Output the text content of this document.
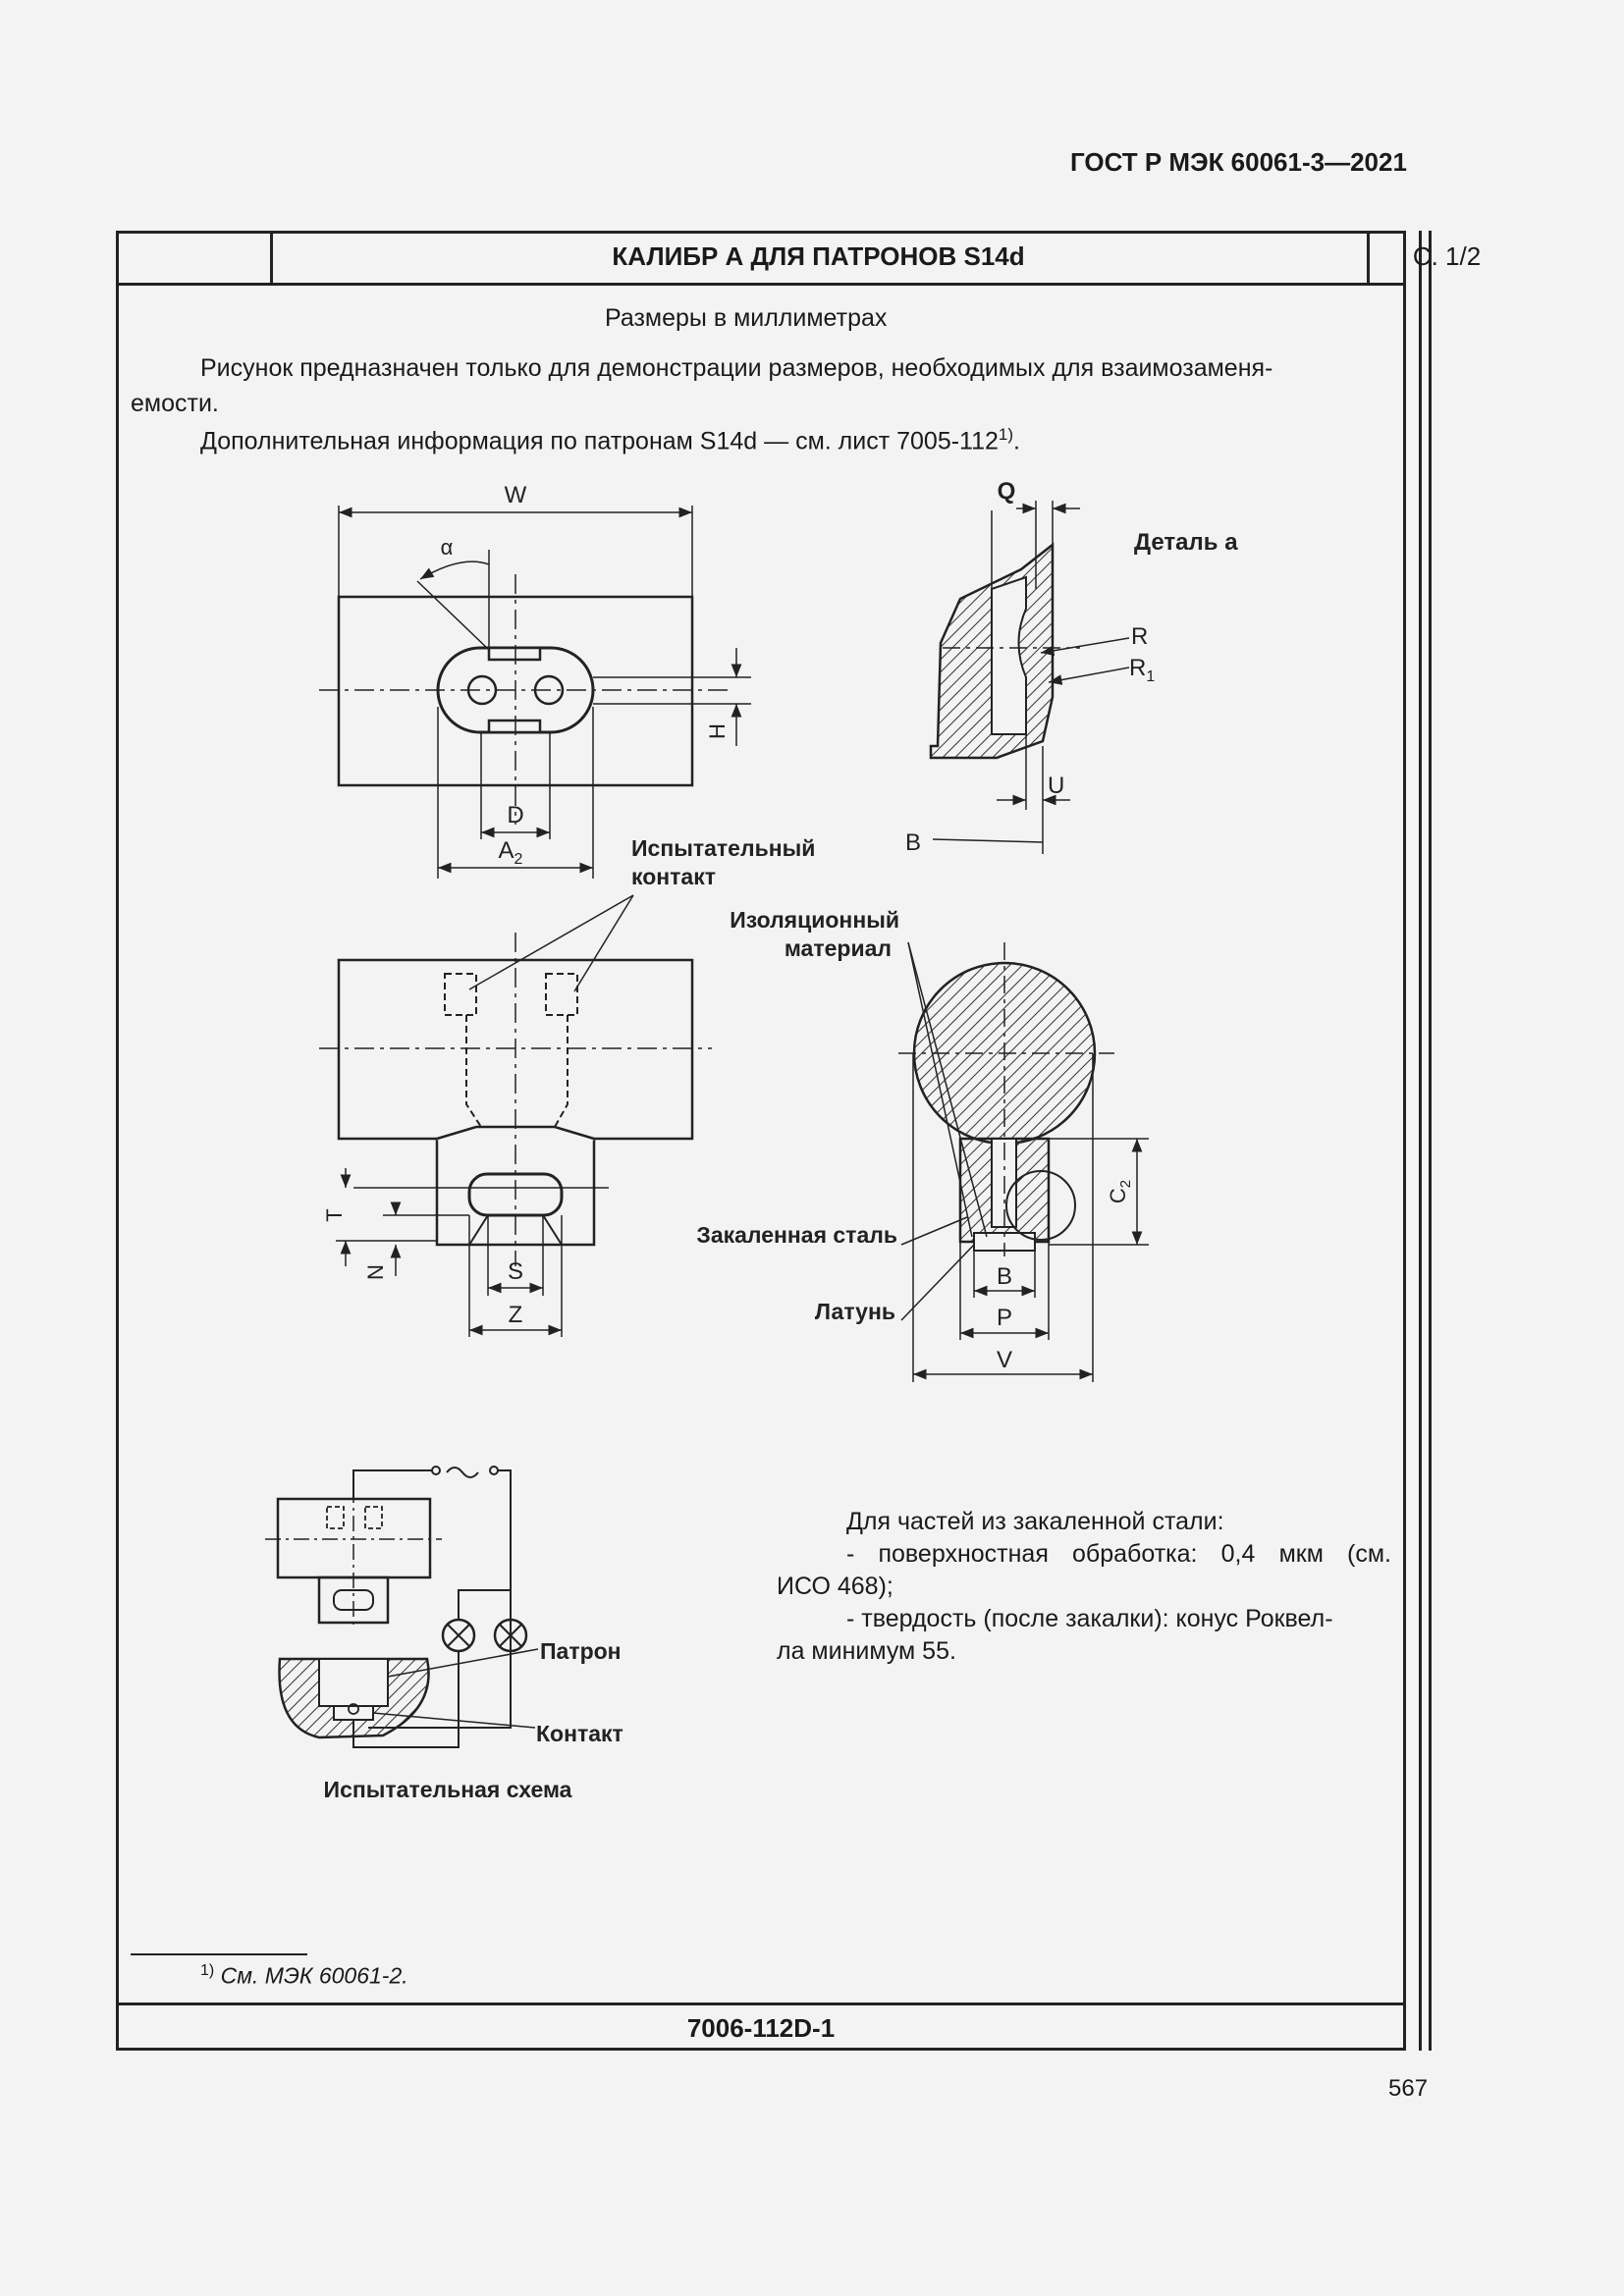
ГОСТ Р МЭК 60061-3—2021
КАЛИБР А ДЛЯ ПАТРОНОВ S14d	С. 1/2
Размеры в миллиметрах
Рисунок предназначен только для демонстрации размеров, необходимых для взаимозаменя-
емости.
Дополнительная информация по патронам S14d — см. лист 7005-112$^{1)}$.
W
α
D
$A_2$
H
Q
Деталь а
R
$R_1$
U
B
Испытательный
контакт
T
N	S
Z
Изоляционный
материал
Закаленная сталь
Латунь
$C_2$
B
P
V
Патрон
Контакт
Испытательная схема
Для частей из закаленной стали:
- поверхностная обработка: 0,4 мкм (см.
ИСО 468);
- твердость (после закалки): конус Роквел-
ла минимум 55.
$^{1)}$ См. МЭК 60061-2.
7006-112D-1
567
